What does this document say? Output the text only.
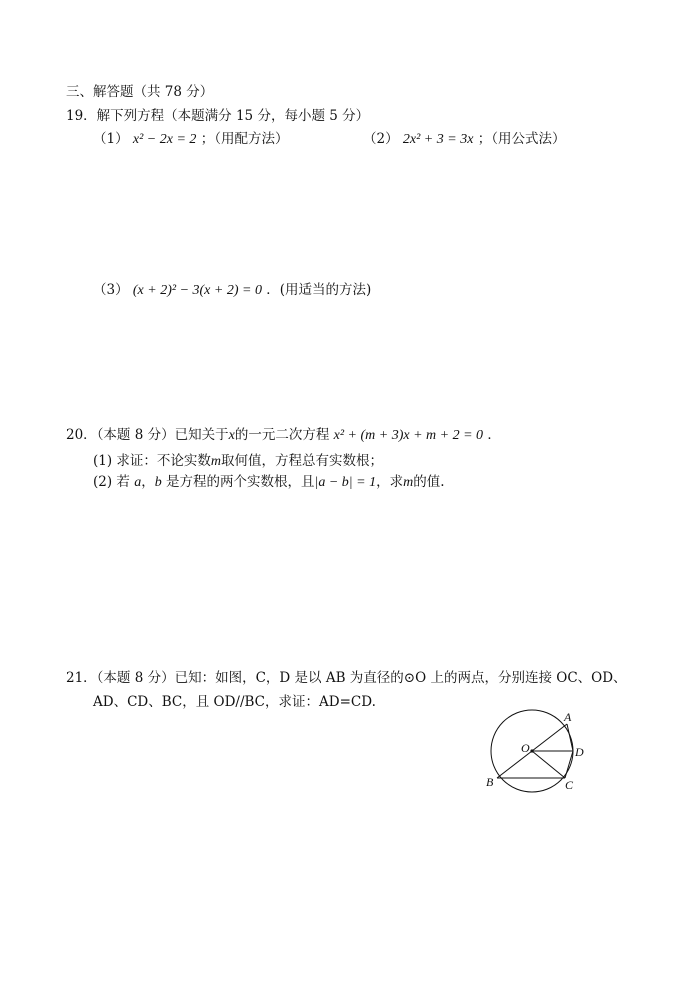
三、解答题（共 78 分）
19．解下列方程（本题满分 15 分，每小题 5 分）
（1） x² − 2x = 2 ；（用配方法）	（2） 2x² + 3 = 3x ；（用公式法）
（3） (x + 2)² − 3(x + 2) = 0 ．(用适当的方法)
20．（本题 8 分）已知关于x的一元二次方程 x² + (m + 3)x + m + 2 = 0 ．
(1) 求证：不论实数m取何值，方程总有实数根；
(2) 若 a，b 是方程的两个实数根，且|a − b| = 1，求m的值.
21．（本题 8 分）已知：如图，C，D 是以 AB 为直径的⊙O 上的两点，分别连接 OC、OD、
AD、CD、BC，且 OD//BC，求证：AD=CD.
A
B	C
D
O
